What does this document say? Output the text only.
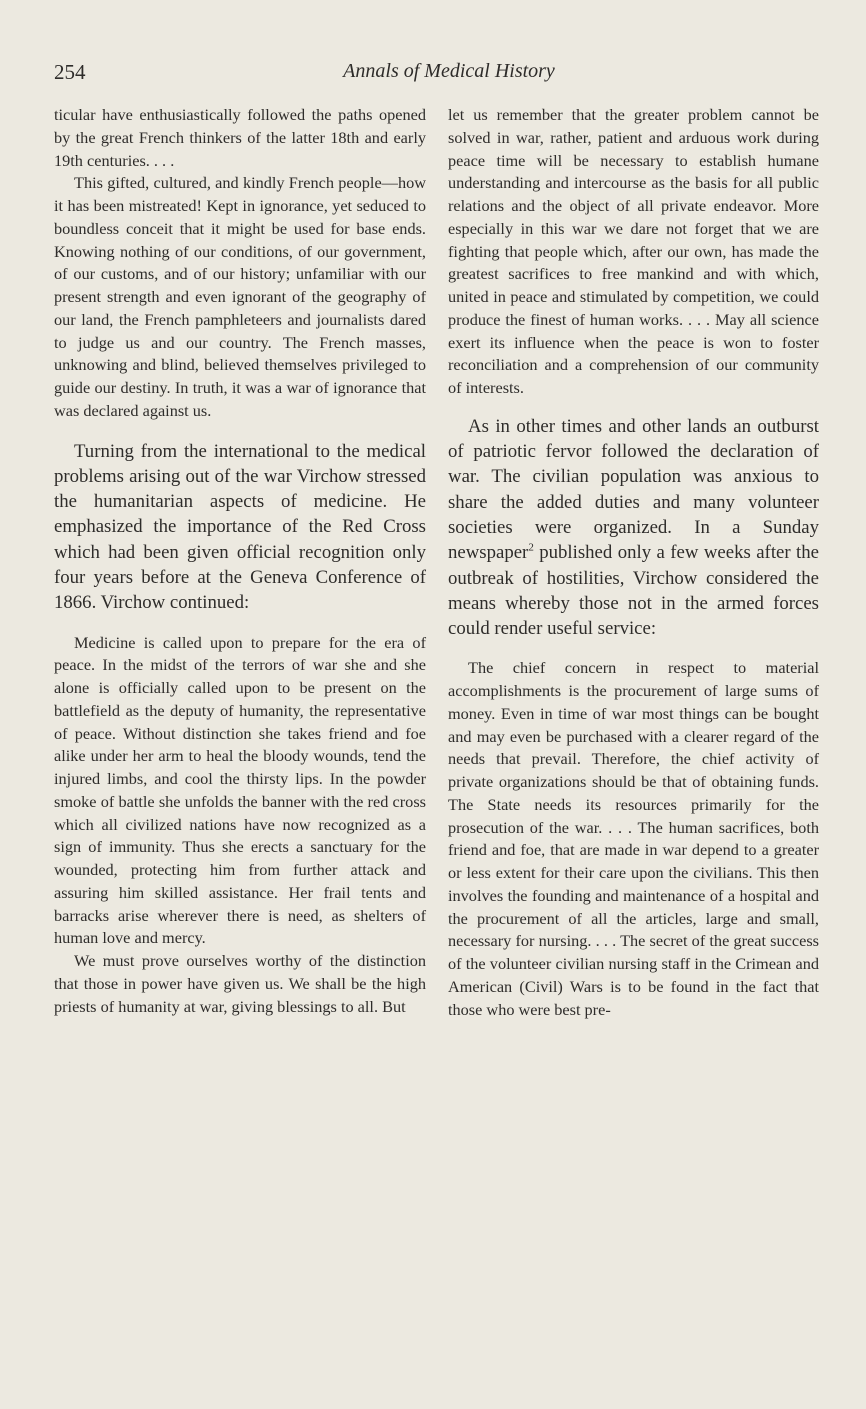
254	Annals of Medical History

ticular have enthusiastically followed the paths opened by the great French thinkers of the latter 18th and early 19th centuries. . . .

This gifted, cultured, and kindly French people—how it has been mistreated! Kept in ignorance, yet seduced to boundless conceit that it might be used for base ends. Knowing nothing of our conditions, of our government, of our customs, and of our history; unfamiliar with our present strength and even ignorant of the geography of our land, the French pamphleteers and journalists dared to judge us and our country. The French masses, unknowing and blind, believed themselves privileged to guide our destiny. In truth, it was a war of ignorance that was declared against us.

Turning from the international to the medical problems arising out of the war Virchow stressed the humanitarian aspects of medicine. He emphasized the importance of the Red Cross which had been given official recognition only four years before at the Geneva Conference of 1866. Virchow continued:

Medicine is called upon to prepare for the era of peace. In the midst of the terrors of war she and she alone is officially called upon to be present on the battlefield as the deputy of humanity, the representative of peace. Without distinction she takes friend and foe alike under her arm to heal the bloody wounds, tend the injured limbs, and cool the thirsty lips. In the powder smoke of battle she unfolds the banner with the red cross which all civilized nations have now recognized as a sign of immunity. Thus she erects a sanctuary for the wounded, protecting him from further attack and assuring him skilled assistance. Her frail tents and barracks arise wherever there is need, as shelters of human love and mercy.

We must prove ourselves worthy of the distinction that those in power have given us. We shall be the high priests of humanity at war, giving blessings to all. But

let us remember that the greater problem cannot be solved in war, rather, patient and arduous work during peace time will be necessary to establish humane understanding and intercourse as the basis for all public relations and the object of all private endeavor. More especially in this war we dare not forget that we are fighting that people which, after our own, has made the greatest sacrifices to free mankind and with which, united in peace and stimulated by competition, we could produce the finest of human works. . . . May all science exert its influence when the peace is won to foster reconciliation and a comprehension of our community of interests.

As in other times and other lands an outburst of patriotic fervor followed the declaration of war. The civilian population was anxious to share the added duties and many volunteer societies were organized. In a Sunday newspaper$^2$ published only a few weeks after the outbreak of hostilities, Virchow considered the means whereby those not in the armed forces could render useful service:

The chief concern in respect to material accomplishments is the procurement of large sums of money. Even in time of war most things can be bought and may even be purchased with a clearer regard of the needs that prevail. Therefore, the chief activity of private organizations should be that of obtaining funds. The State needs its resources primarily for the prosecution of the war. . . . The human sacrifices, both friend and foe, that are made in war depend to a greater or less extent for their care upon the civilians. This then involves the founding and maintenance of a hospital and the procurement of all the articles, large and small, necessary for nursing. . . . The secret of the great success of the volunteer civilian nursing staff in the Crimean and American (Civil) Wars is to be found in the fact that those who were best pre-
